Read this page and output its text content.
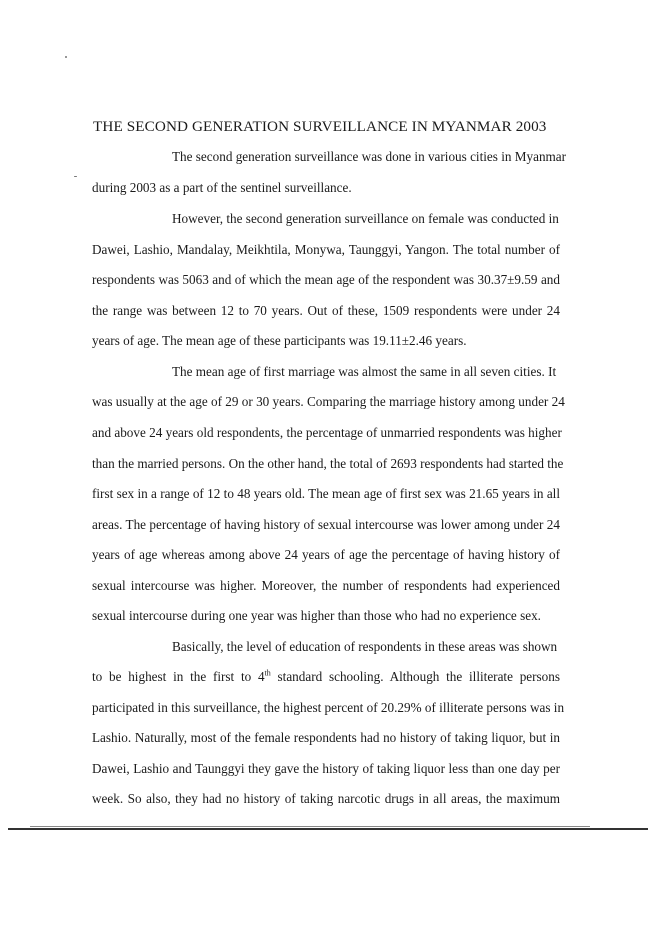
THE SECOND GENERATION SURVEILLANCE IN MYANMAR 2003
The second generation surveillance was done in various cities in Myanmar
during 2003 as a part of the sentinel surveillance.
However, the second generation surveillance on female was conducted in
Dawei, Lashio, Mandalay, Meikhtila, Monywa, Taunggyi, Yangon. The total number of
respondents was 5063 and of which the mean age of the respondent was 30.37±9.59 and
the range was between 12 to 70 years. Out of these, 1509 respondents were under 24
years of age. The mean age of these participants was 19.11±2.46 years.
The mean age of first marriage was almost the same in all seven cities. It
was usually at the age of 29 or 30 years. Comparing the marriage history among under 24
and above 24 years old respondents, the percentage of unmarried respondents was higher
than the married persons. On the other hand, the total of 2693 respondents had started the
first sex in a range of 12 to 48 years old. The mean age of first sex was 21.65 years in all
areas. The percentage of having history of sexual intercourse was lower among under 24
years of age whereas among above 24 years of age the percentage of having history of
sexual intercourse was higher. Moreover, the number of respondents had experienced
sexual intercourse during one year was higher than those who had no experience sex.
Basically, the level of education of respondents in these areas was shown
to be highest in the first to 4th standard schooling. Although the illiterate persons
participated in this surveillance, the highest percent of 20.29% of illiterate persons was in
Lashio. Naturally, most of the female respondents had no history of taking liquor, but in
Dawei, Lashio and Taunggyi they gave the history of taking liquor less than one day per
week. So also, they had no history of taking narcotic drugs in all areas, the maximum
